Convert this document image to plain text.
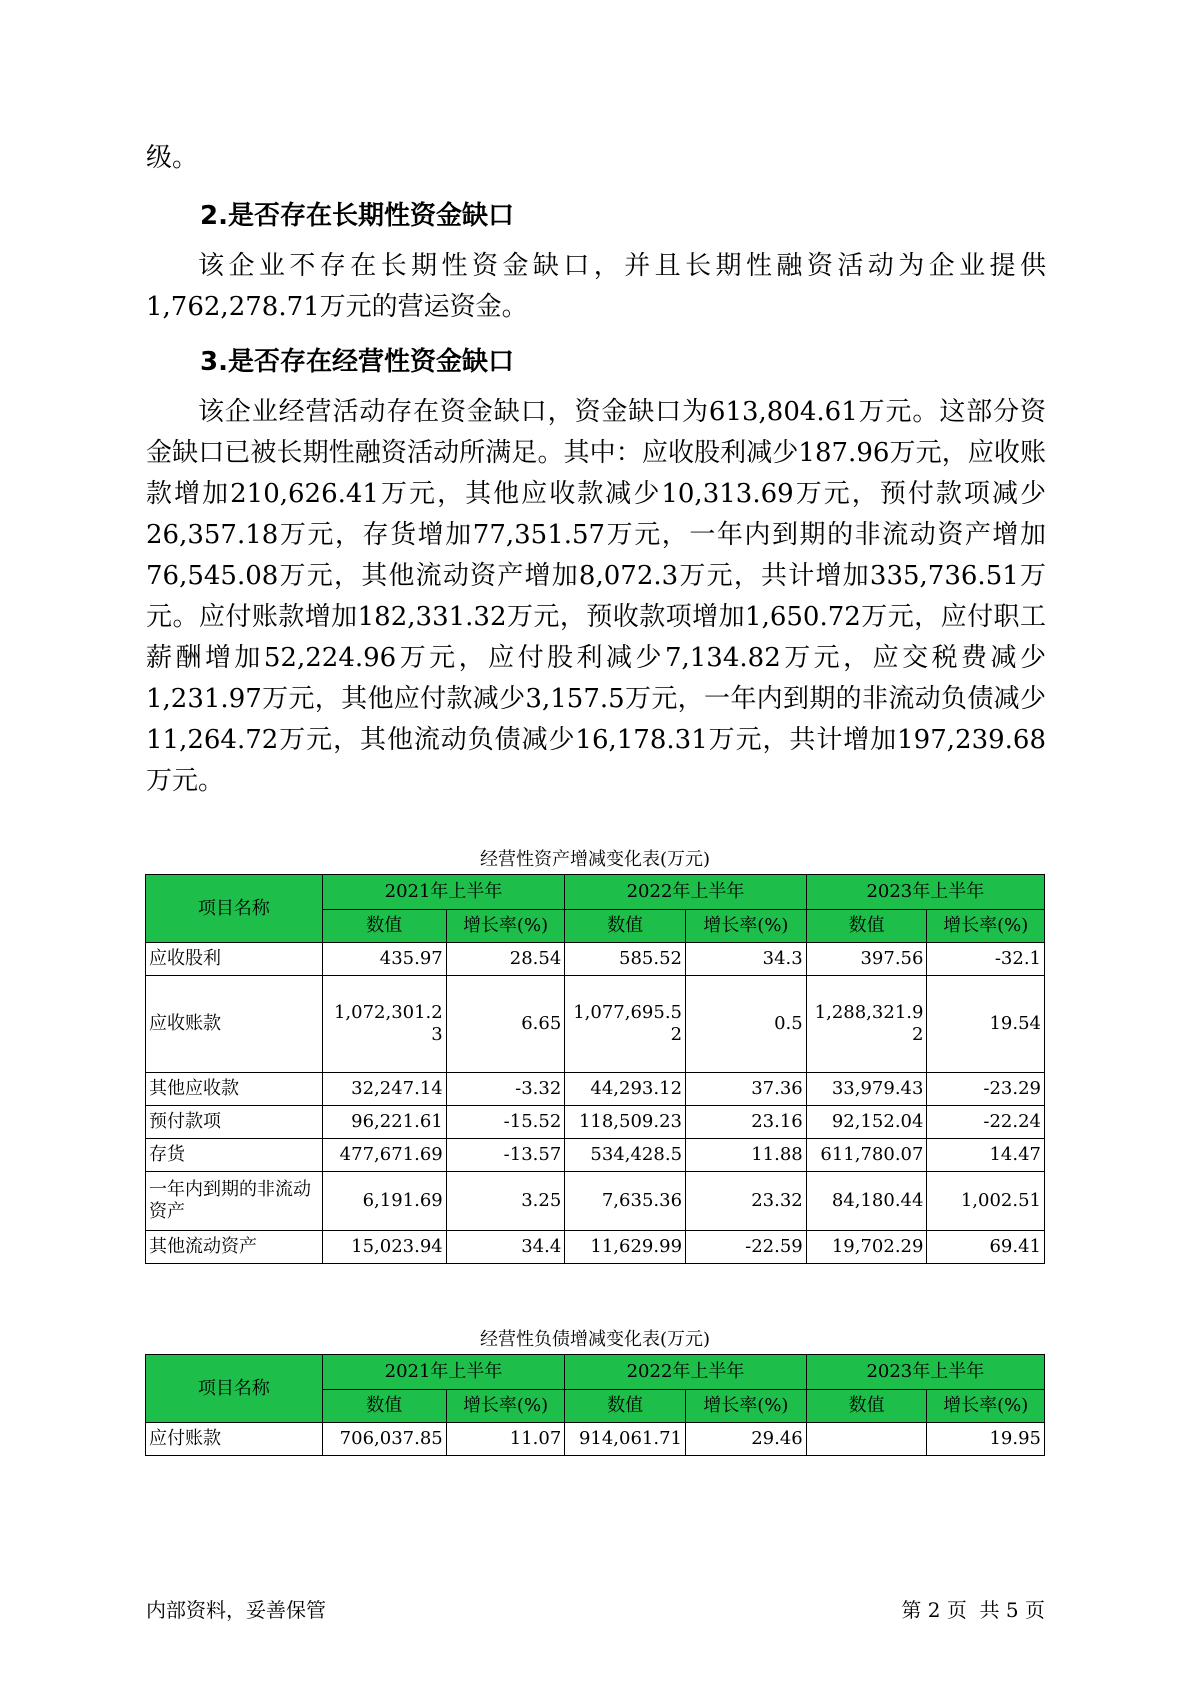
级。

2.是否存在长期性资金缺口

该企业不存在长期性资金缺口，并且长期性融资活动为企业提供1,762,278.71万元的营运资金。

3.是否存在经营性资金缺口

该企业经营活动存在资金缺口，资金缺口为613,804.61万元。这部分资金缺口已被长期性融资活动所满足。其中：应收股利减少187.96万元，应收账款增加210,626.41万元，其他应收款减少10,313.69万元，预付款项减少26,357.18万元，存货增加77,351.57万元，一年内到期的非流动资产增加76,545.08万元，其他流动资产增加8,072.3万元，共计增加335,736.51万元。应付账款增加182,331.32万元，预收款项增加1,650.72万元，应付职工薪酬增加52,224.96万元，应付股利减少7,134.82万元，应交税费减少1,231.97万元，其他应付款减少3,157.5万元，一年内到期的非流动负债减少11,264.72万元，其他流动负债减少16,178.31万元，共计增加197,239.68万元。

经营性资产增减变化表(万元)

项目名称	2021年上半年		2022年上半年		2023年上半年	
	数值	增长率(%)	数值	增长率(%)	数值	增长率(%)
应收股利	435.97	28.54	585.52	34.3	397.56	-32.1
应收账款	1,072,301.23	6.65	1,077,695.52	0.5	1,288,321.92	19.54
其他应收款	32,247.14	-3.32	44,293.12	37.36	33,979.43	-23.29
预付款项	96,221.61	-15.52	118,509.23	23.16	92,152.04	-22.24
存货	477,671.69	-13.57	534,428.5	11.88	611,780.07	14.47
一年内到期的非流动资产	6,191.69	3.25	7,635.36	23.32	84,180.44	1,002.51
其他流动资产	15,023.94	34.4	11,629.99	-22.59	19,702.29	69.41

经营性负债增减变化表(万元)

项目名称	2021年上半年		2022年上半年		2023年上半年	
	数值	增长率(%)	数值	增长率(%)	数值	增长率(%)
应付账款	706,037.85	11.07	914,061.71	29.46		19.95

内部资料，妥善保管	第 2 页  共 5 页
